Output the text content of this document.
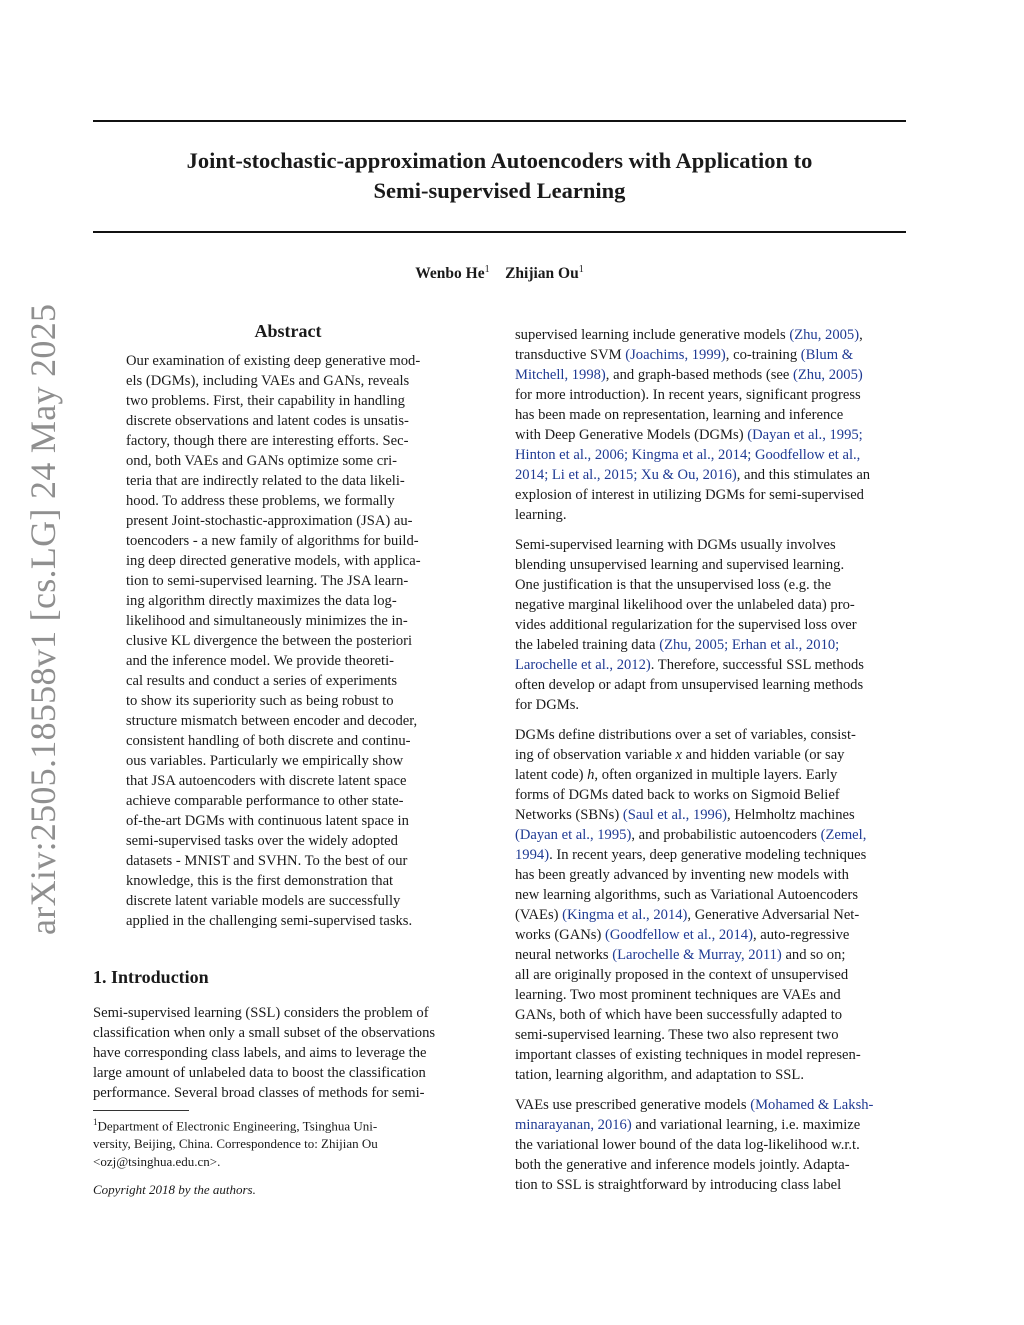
Joint-stochastic-approximation Autoencoders with Application to
Semi-supervised Learning
Wenbo He$^1$ Zhijian Ou$^1$
arXiv:2505.18558v1 [cs.LG] 24 May 2025	Abstract
Our examination of existing deep generative mod-
els (DGMs), including VAEs and GANs, reveals
two problems. First, their capability in handling
discrete observations and latent codes is unsatis-
factory, though there are interesting efforts. Sec-
ond, both VAEs and GANs optimize some cri-
teria that are indirectly related to the data likeli-
hood. To address these problems, we formally
present Joint-stochastic-approximation (JSA) au-
toencoders - a new family of algorithms for build-
ing deep directed generative models, with applica-
tion to semi-supervised learning. The JSA learn-
ing algorithm directly maximizes the data log-
likelihood and simultaneously minimizes the in-
clusive KL divergence the between the posteriori
and the inference model. We provide theoreti-
cal results and conduct a series of experiments
to show its superiority such as being robust to
structure mismatch between encoder and decoder,
consistent handling of both discrete and continu-
ous variables. Particularly we empirically show
that JSA autoencoders with discrete latent space
achieve comparable performance to other state-
of-the-art DGMs with continuous latent space in
semi-supervised tasks over the widely adopted
datasets - MNIST and SVHN. To the best of our
knowledge, this is the first demonstration that
discrete latent variable models are successfully
applied in the challenging semi-supervised tasks.
1. Introduction
Semi-supervised learning (SSL) considers the problem of
classification when only a small subset of the observations
have corresponding class labels, and aims to leverage the
large amount of unlabeled data to boost the classification
performance. Several broad classes of methods for semi-
$^1$Department of Electronic Engineering, Tsinghua Uni-
versity, Beijing, China. Correspondence to: Zhijian Ou
<ozj@tsinghua.edu.cn>.
Copyright 2018 by the authors.
supervised learning include generative models (Zhu, 2005),
transductive SVM (Joachims, 1999), co-training (Blum &
Mitchell, 1998), and graph-based methods (see (Zhu, 2005)
for more introduction). In recent years, significant progress
has been made on representation, learning and inference
with Deep Generative Models (DGMs) (Dayan et al., 1995;
Hinton et al., 2006; Kingma et al., 2014; Goodfellow et al.,
2014; Li et al., 2015; Xu & Ou, 2016), and this stimulates an
explosion of interest in utilizing DGMs for semi-supervised
learning.
Semi-supervised learning with DGMs usually involves
blending unsupervised learning and supervised learning.
One justification is that the unsupervised loss (e.g. the
negative marginal likelihood over the unlabeled data) pro-
vides additional regularization for the supervised loss over
the labeled training data (Zhu, 2005; Erhan et al., 2010;
Larochelle et al., 2012). Therefore, successful SSL methods
often develop or adapt from unsupervised learning methods
for DGMs.
DGMs define distributions over a set of variables, consist-
ing of observation variable x and hidden variable (or say
latent code) h, often organized in multiple layers. Early
forms of DGMs dated back to works on Sigmoid Belief
Networks (SBNs) (Saul et al., 1996), Helmholtz machines
(Dayan et al., 1995), and probabilistic autoencoders (Zemel,
1994). In recent years, deep generative modeling techniques
has been greatly advanced by inventing new models with
new learning algorithms, such as Variational Autoencoders
(VAEs) (Kingma et al., 2014), Generative Adversarial Net-
works (GANs) (Goodfellow et al., 2014), auto-regressive
neural networks (Larochelle & Murray, 2011) and so on;
all are originally proposed in the context of unsupervised
learning. Two most prominent techniques are VAEs and
GANs, both of which have been successfully adapted to
semi-supervised learning. These two also represent two
important classes of existing techniques in model represen-
tation, learning algorithm, and adaptation to SSL.
VAEs use prescribed generative models (Mohamed & Laksh-
minarayanan, 2016) and variational learning, i.e. maximize
the variational lower bound of the data log-likelihood w.r.t.
both the generative and inference models jointly. Adapta-
tion to SSL is straightforward by introducing class label
